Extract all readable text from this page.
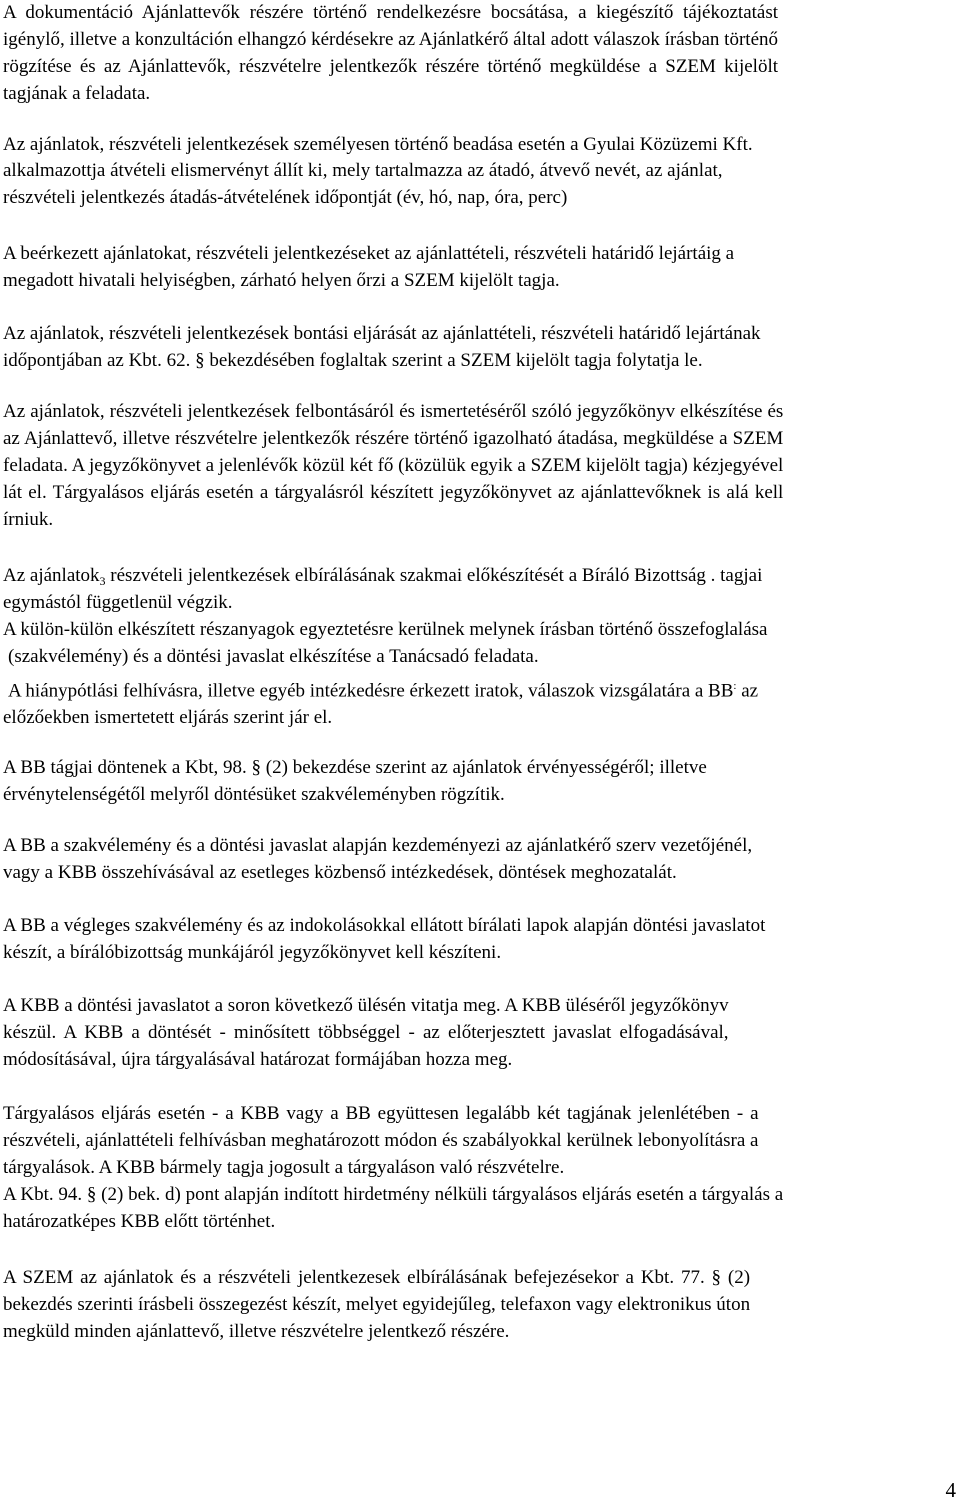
A dokumentáció Ajánlattevők részére történő rendelkezésre bocsátása, a kiegészítő tájékoztatást
igénylő, illetve a konzultáción elhangzó kérdésekre az Ajánlatkérő által adott válaszok írásban történő
rögzítése és az Ajánlattevők, részvételre jelentkezők részére történő megküldése a SZEM kijelölt
tagjának a feladata.
Az ajánlatok, részvételi jelentkezések személyesen történő beadása esetén a Gyulai Közüzemi Kft.
alkalmazottja átvételi elismervényt állít ki, mely tartalmazza az átadó, átvevő nevét, az ajánlat,
részvételi jelentkezés átadás-átvételének időpontját (év, hó, nap, óra, perc)
A beérkezett ajánlatokat, részvételi jelentkezéseket az ajánlattételi, részvételi határidő lejártáig a
megadott hivatali helyiségben, zárható helyen őrzi a SZEM kijelölt tagja.
Az ajánlatok, részvételi jelentkezések bontási eljárását az ajánlattételi, részvételi határidő lejártának
időpontjában az Kbt. 62. § bekezdésében foglaltak szerint a SZEM kijelölt tagja folytatja le.
Az ajánlatok, részvételi jelentkezések felbontásáról és ismertetéséről szóló jegyzőkönyv elkészítése és
az Ajánlattevő, illetve részvételre jelentkezők részére történő igazolható átadása, megküldése a SZEM
feladata. A jegyzőkönyvet a jelenlévők közül két fő (közülük egyik a SZEM kijelölt tagja) kézjegyével
lát el. Tárgyalásos eljárás esetén a tárgyalásról készített jegyzőkönyvet az ajánlattevőknek is alá kell
írniuk.
Az ajánlatok$_3$ részvételi jelentkezések elbírálásának szakmai előkészítését a Bíráló Bizottság . tagjai
egymástól függetlenül végzik.
A külön-külön elkészített részanyagok egyeztetésre kerülnek melynek írásban történő összefoglalása
(szakvélemény) és a döntési javaslat elkészítése a Tanácsadó feladata.
A hiánypótlási felhívásra, illetve egyéb intézkedésre érkezett iratok, válaszok vizsgálatára a BB: az
előzőekben ismertetett eljárás szerint jár el.
A BB tágjai döntenek a Kbt, 98. § (2) bekezdése szerint az ajánlatok érvényességéről; illetve
érvénytelenségétől melyről döntésüket szakvéleményben rögzítik.
A BB a szakvélemény és a döntési javaslat alapján kezdeményezi az ajánlatkérő szerv vezetőjénél,
vagy a KBB összehívásával az esetleges közbenső intézkedések, döntések meghozatalát.
A BB a végleges szakvélemény és az indokolásokkal ellátott bírálati lapok alapján döntési javaslatot
készít, a bírálóbizottság munkájáról jegyzőkönyvet kell készíteni.
A KBB a döntési javaslatot a soron következő ülésén vitatja meg. A KBB üléséről jegyzőkönyv
készül. A KBB a döntését - minősített többséggel - az előterjesztett javaslat elfogadásával,
módosításával, újra tárgyalásával határozat formájában hozza meg.
Tárgyalásos eljárás esetén - a KBB vagy a BB együttesen legalább két tagjának jelenlétében - a
részvételi, ajánlattételi felhívásban meghatározott módon és szabályokkal kerülnek lebonyolításra a
tárgyalások. A KBB bármely tagja jogosult a tárgyaláson való részvételre.
A Kbt. 94. § (2) bek. d) pont alapján indított hirdetmény nélküli tárgyalásos eljárás esetén a tárgyalás a
határozatképes KBB előtt történhet.
A SZEM az ajánlatok és a részvételi jelentkezesek elbírálásának befejezésekor a Kbt. 77. § (2)
bekezdés szerinti írásbeli összegezést készít, melyet egyidejűleg, telefaxon vagy elektronikus úton
megküld minden ajánlattevő, illetve részvételre jelentkező részére.
4
